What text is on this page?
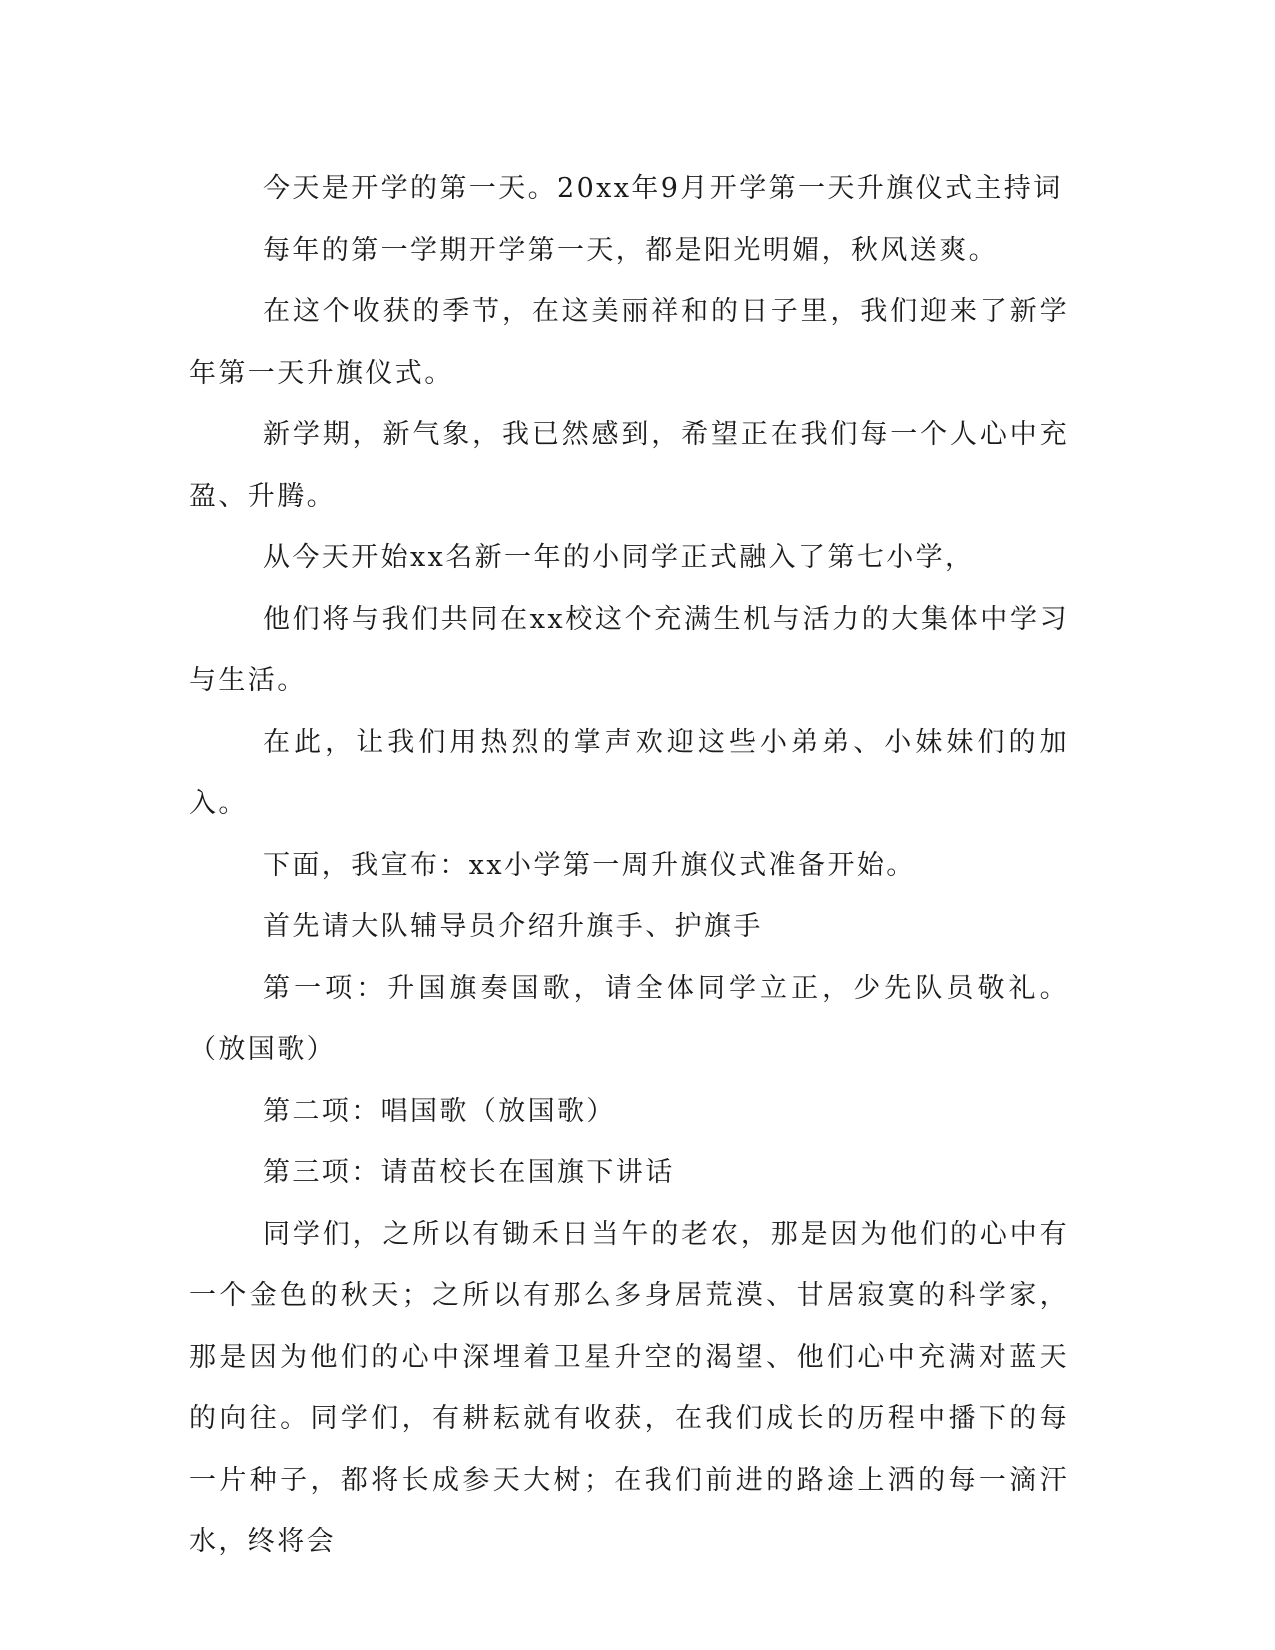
今天是开学的第一天。20xx年9月开学第一天升旗仪式主持词

每年的第一学期开学第一天，都是阳光明媚，秋风送爽。

在这个收获的季节，在这美丽祥和的日子里，我们迎来了新学年第一天升旗仪式。

新学期，新气象，我已然感到，希望正在我们每一个人心中充盈、升腾。

从今天开始xx名新一年的小同学正式融入了第七小学，

他们将与我们共同在xx校这个充满生机与活力的大集体中学习与生活。

在此，让我们用热烈的掌声欢迎这些小弟弟、小妹妹们的加入。

下面，我宣布：xx小学第一周升旗仪式准备开始。

首先请大队辅导员介绍升旗手、护旗手

第一项：升国旗奏国歌，请全体同学立正，少先队员敬礼。（放国歌）

第二项：唱国歌（放国歌）

第三项：请苗校长在国旗下讲话

同学们，之所以有锄禾日当午的老农，那是因为他们的心中有一个金色的秋天；之所以有那么多身居荒漠、甘居寂寞的科学家，那是因为他们的心中深埋着卫星升空的渴望、他们心中充满对蓝天的向往。同学们，有耕耘就有收获，在我们成长的历程中播下的每一片种子，都将长成参天大树；在我们前进的路途上洒的每一滴汗水，终将会
